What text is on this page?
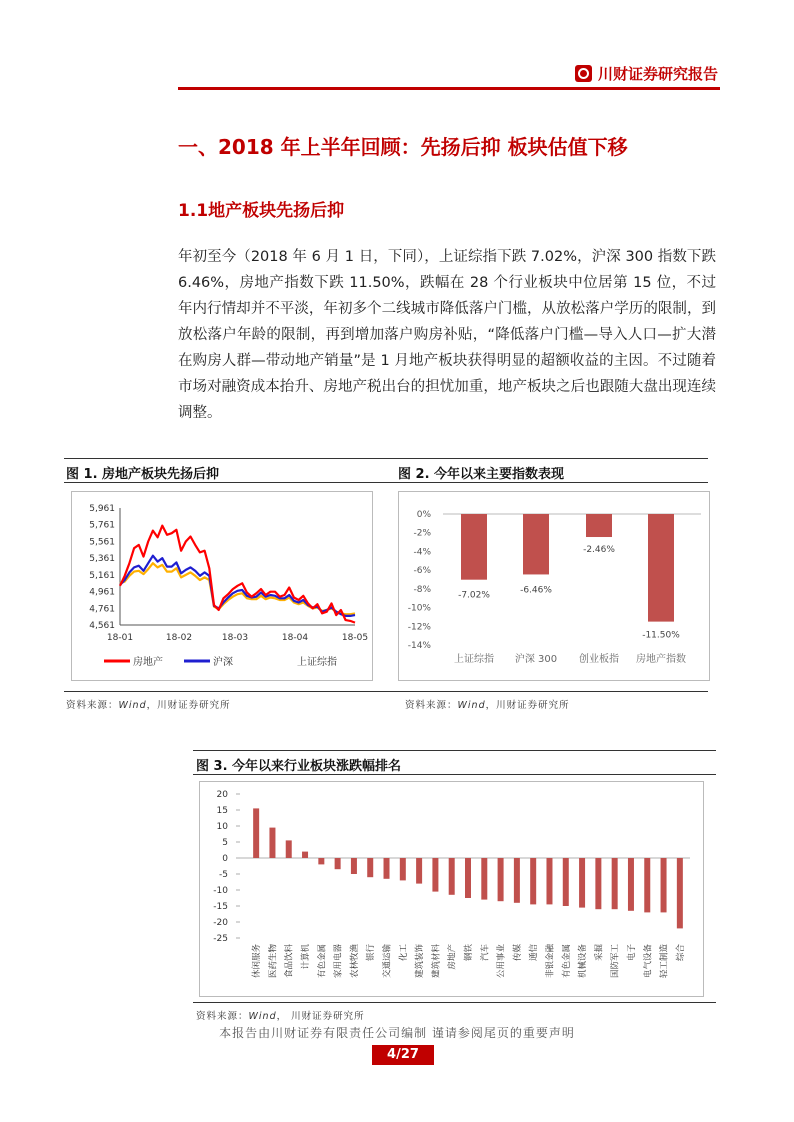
川财证券研究报告
一、2018 年上半年回顾：先扬后抑 板块估值下移
1.1地产板块先扬后抑
年初至今（2018 年 6 月 1 日，下同），上证综指下跌 7.02%，沪深 300 指数下跌 6.46%，房地产指数下跌 11.50%，跌幅在 28 个行业板块中位居第 15 位，不过年内行情却并不平淡，年初多个二线城市降低落户门槛，从放松落户学历的限制，到放松落户年龄的限制，再到增加落户购房补贴，“降低落户门槛—导入人口—扩大潜在购房人群—带动地产销量”是 1 月地产板块获得明显的超额收益的主因。不过随着市场对融资成本抬升、房地产税出台的担忧加重，地产板块之后也跟随大盘出现连续调整。
图 1. 房地产板块先扬后抑	图 2. 今年以来主要指数表现
5,961
5,761
5,561
5,361
5,161
4,961
4,761
4,561
18-01	18-02	18-03	18-04	18-05
房地产	沪深	上证综指
0%
-2%
-4%
-6%
-8%
-10%
-12%
-14%
-7.02%
上证综指
-6.46%
沪深 300
-2.46%
创业板指
-11.50%
房地产指数
资料来源：Wind，川财证券研究所	资料来源：Wind，川财证券研究所
图 3. 今年以来行业板块涨跌幅排名
20
15
10
5
0
-5
-10
-15
-20
-25
休闲服务 医药生物 食品饮料 计算机 有色金属 家用电器 农林牧渔 银行 交通运输 化工 建筑装饰 建筑材料 房地产 钢铁 汽车 公用事业 传媒 通信 非银金融 有色金属 机械设备 采掘 国防军工 电子 电气设备 轻工制造 综合
资料来源：Wind， 川财证券研究所
本报告由川财证券有限责任公司编制 谨请参阅尾页的重要声明
4/27
